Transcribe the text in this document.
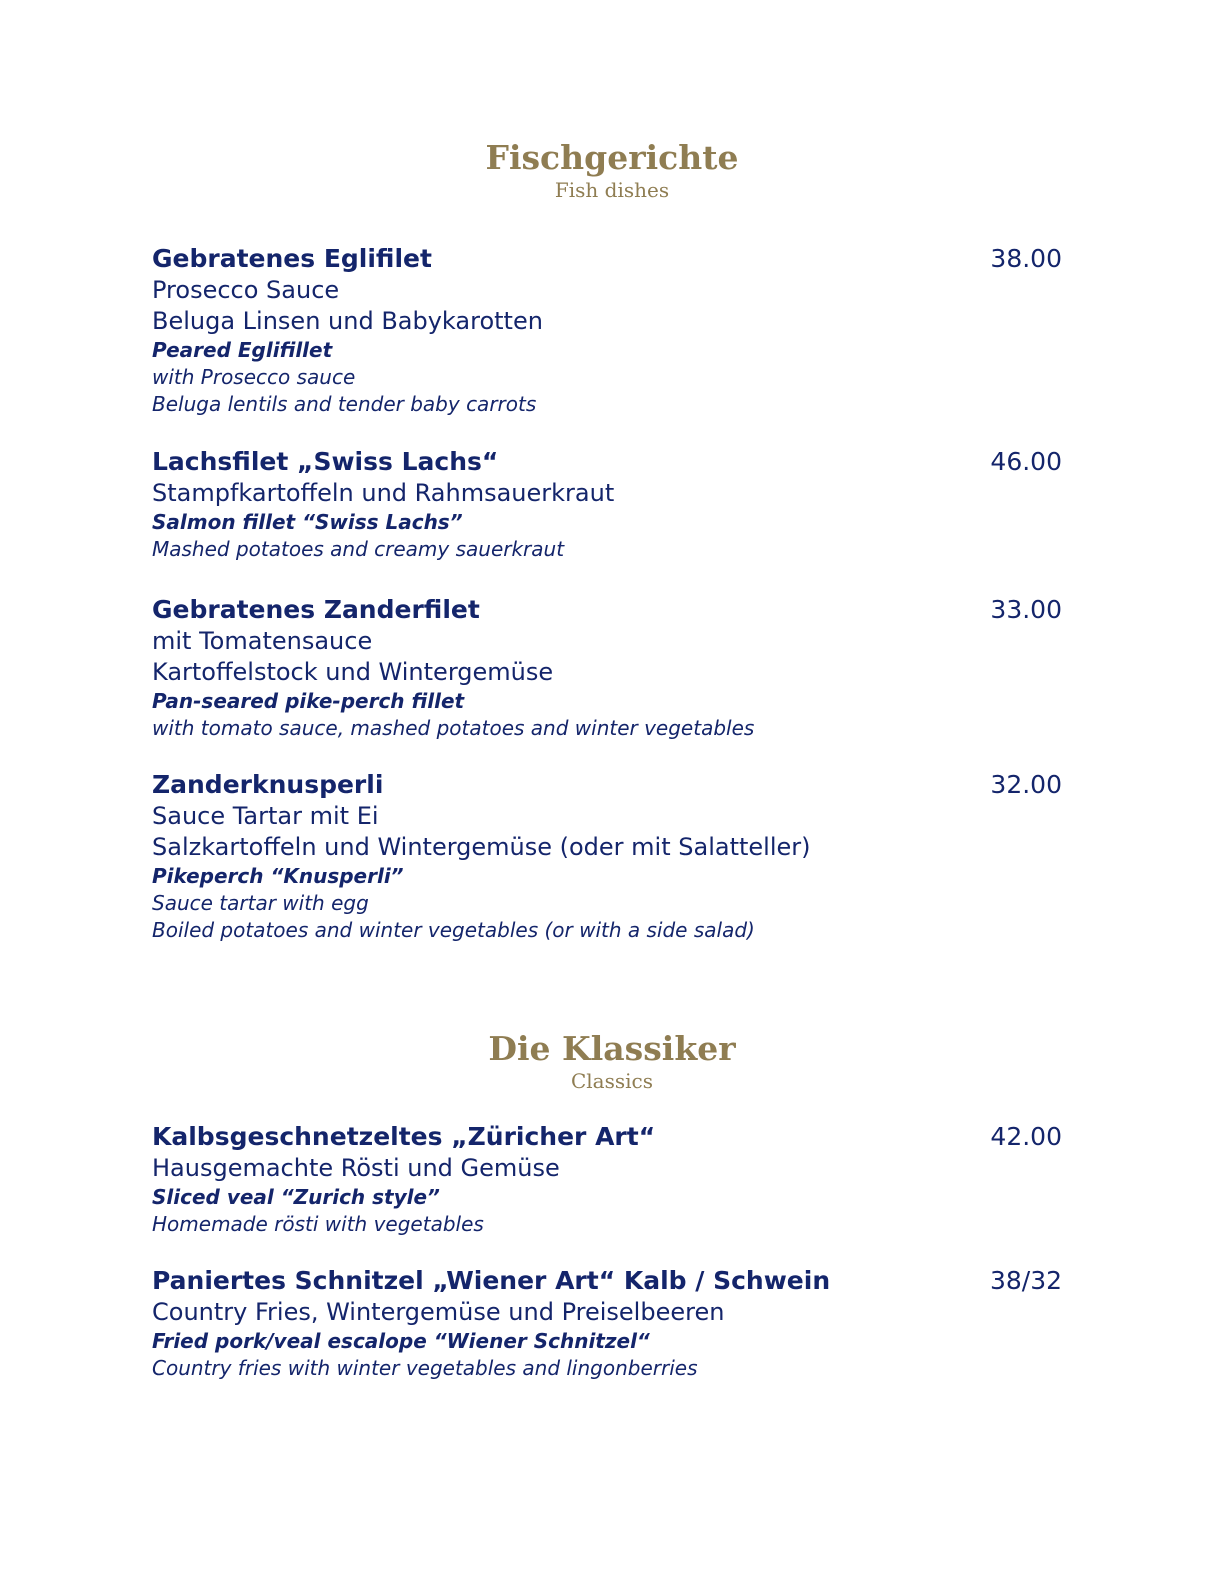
Fischgerichte
Fish dishes
Gebratenes Eglifilet	38.00
Prosecco Sauce
Beluga Linsen und Babykarotten
Peared Eglifillet
with Prosecco sauce
Beluga lentils and tender baby carrots
Lachsfilet „Swiss Lachs“	46.00
Stampfkartoffeln und Rahmsauerkraut
Salmon fillet “Swiss Lachs”
Mashed potatoes and creamy sauerkraut
Gebratenes Zanderfilet	33.00
mit Tomatensauce
Kartoffelstock und Wintergemüse
Pan-seared pike-perch fillet
with tomato sauce, mashed potatoes and winter vegetables
Zanderknusperli	32.00
Sauce Tartar mit Ei
Salzkartoffeln und Wintergemüse (oder mit Salatteller)
Pikeperch “Knusperli”
Sauce tartar with egg
Boiled potatoes and winter vegetables (or with a side salad)
Die Klassiker
Classics
Kalbsgeschnetzeltes „Züricher Art“	42.00
Hausgemachte Rösti und Gemüse
Sliced veal “Zurich style”
Homemade rösti with vegetables
Paniertes Schnitzel „Wiener Art“ Kalb / Schwein	38/32
Country Fries, Wintergemüse und Preiselbeeren
Fried pork/veal escalope “Wiener Schnitzel“
Country fries with winter vegetables and lingonberries
